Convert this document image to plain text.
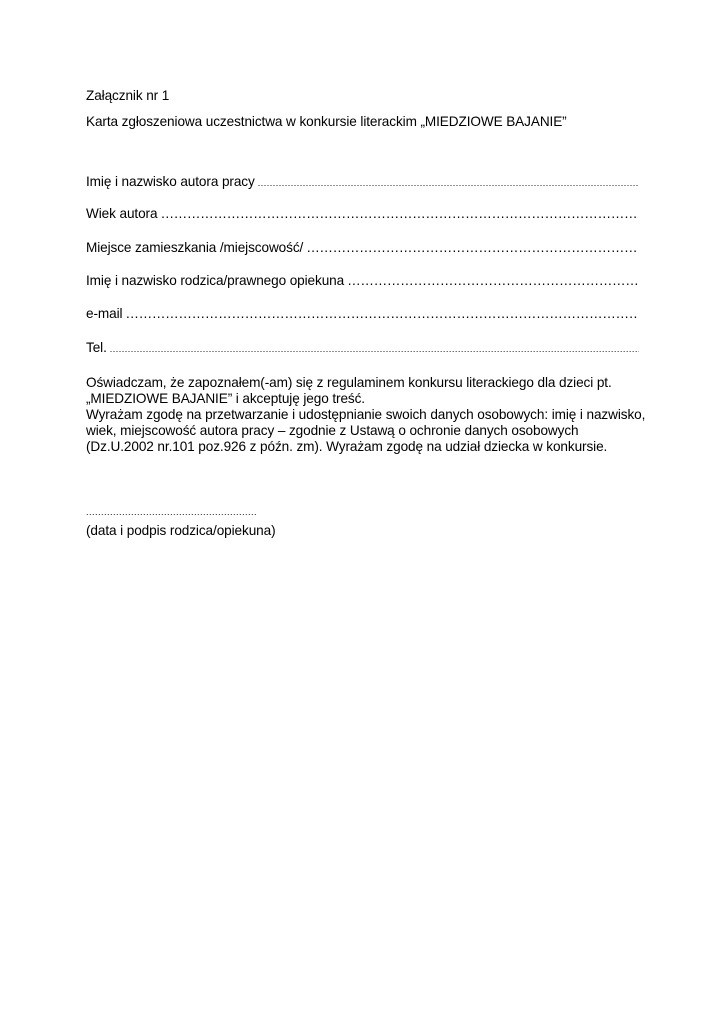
Załącznik nr 1
Karta zgłoszeniowa uczestnictwa w konkursie literackim „MIEDZIOWE BAJANIE”
Imię i nazwisko autora pracy
.....
Wiek autora
………………………………………………………………………………………………………………………………
Miejsce zamieszkania /miejscowość/
………………………………………………………………………………………………………………………………
Imię i nazwisko rodzica/prawnego opiekuna
………………………………………………………………………………………………………………………………
e-mail
………………………………………………………………………………………………………………………………
Tel.
.....

Oświadczam, że zapoznałem(-am) się z regulaminem konkursu literackiego dla dzieci pt. „MIEDZIOWE BAJANIE” i akceptuję jego treść.

Wyrażam zgodę na przetwarzanie i udostępnianie swoich danych osobowych: imię i nazwisko, wiek, miejscowość autora pracy – zgodnie z Ustawą o ochronie danych osobowych (Dz.U.2002 nr.101 poz.926 z późn. zm). Wyrażam zgodę na udział dziecka w konkursie.

.....
(data i podpis rodzica/opiekuna)
